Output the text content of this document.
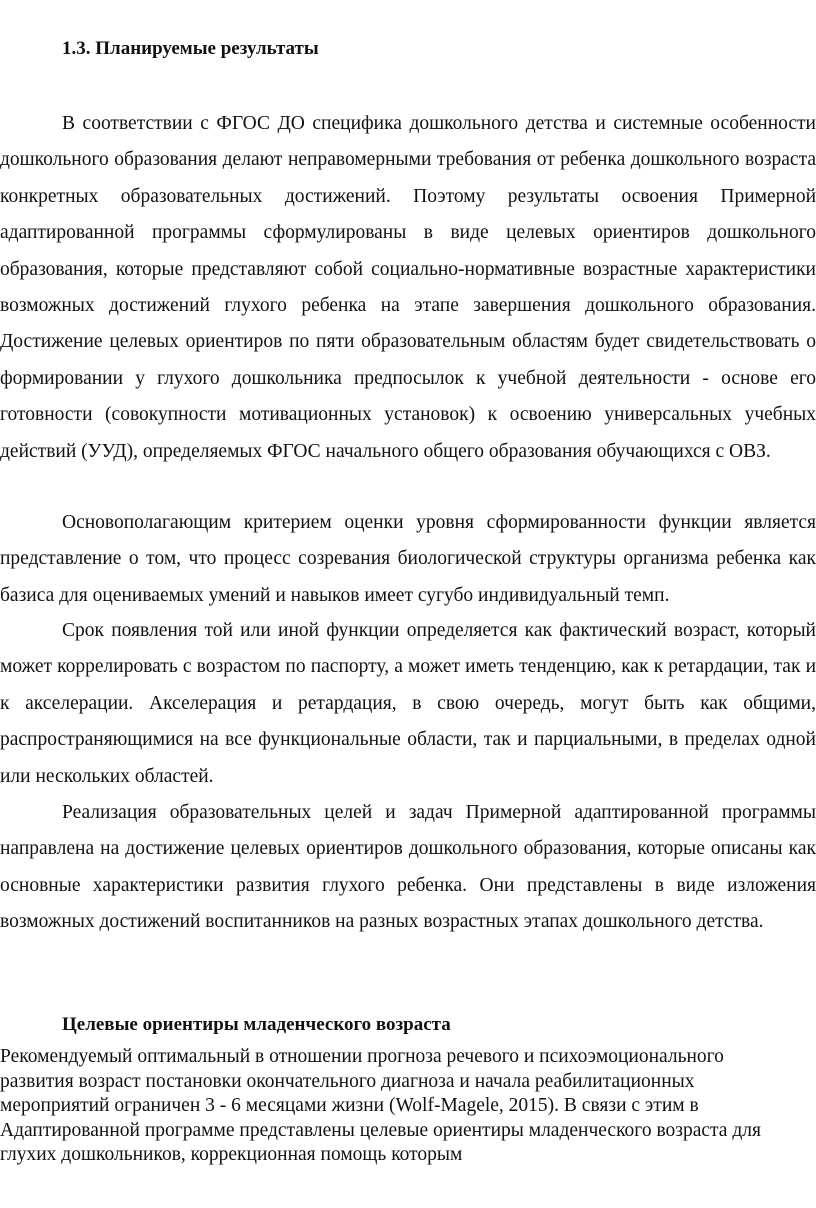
1.3. Планируемые результаты

В соответствии с ФГОС ДО специфика дошкольного детства и системные особенности дошкольного образования делают неправомерными требования от ребенка дошкольного возраста конкретных образовательных достижений. Поэтому результаты освоения Примерной адаптированной программы сформулированы в виде целевых ориентиров дошкольного образования, которые представляют собой социально-нормативные возрастные характеристики возможных достижений глухого ребенка на этапе завершения дошкольного образования. Достижение целевых ориентиров по пяти образовательным областям будет свидетельствовать о формировании у глухого дошкольника предпосылок к учебной деятельности - основе его готовности (совокупности мотивационных установок) к освоению универсальных учебных действий (УУД), определяемых ФГОС начального общего образования обучающихся с ОВЗ.

Основополагающим критерием оценки уровня сформированности функции является представление о том, что процесс созревания биологической структуры организма ребенка как базиса для оцениваемых умений и навыков имеет сугубо индивидуальный темп.

Срок появления той или иной функции определяется как фактический возраст, который может коррелировать с возрастом по паспорту, а может иметь тенденцию, как к ретардации, так и к акселерации. Акселерация и ретардация, в свою очередь, могут быть как общими, распространяющимися на все функциональные области, так и парциальными, в пределах одной или нескольких областей.

Реализация образовательных целей и задач Примерной адаптированной программы направлена на достижение целевых ориентиров дошкольного образования, которые описаны как основные характеристики развития глухого ребенка. Они представлены в виде изложения возможных достижений воспитанников на разных возрастных этапах дошкольного детства.

Целевые ориентиры младенческого возраста

Рекомендуемый оптимальный в отношении прогноза речевого и психоэмоционального развития возраст постановки окончательного диагноза и начала реабилитационных мероприятий ограничен 3 - 6 месяцами жизни (Wolf-Magele, 2015). В связи с этим в Адаптированной программе представлены целевые ориентиры младенческого возраста для глухих дошкольников, коррекционная помощь которым
